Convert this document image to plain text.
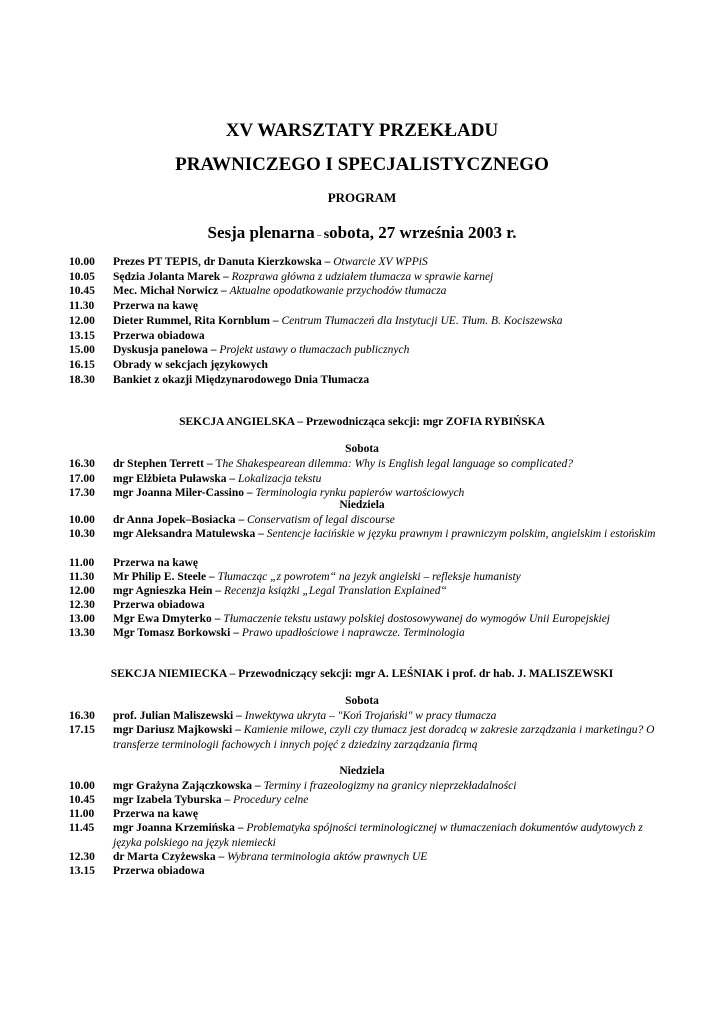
XV WARSZTATY PRZEKŁADU
PRAWNICZEGO I SPECJALISTYCZNEGO
PROGRAM
Sesja plenarna – sobota, 27 września 2003 r.
10.00 Prezes PT TEPIS, dr Danuta Kierzkowska – Otwarcie XV WPPiS
10.05 Sędzia Jolanta Marek – Rozprawa główna z udziałem tłumacza w sprawie karnej
10.45 Mec. Michał Norwicz – Aktualne opodatkowanie przychodów tłumacza
11.30 Przerwa na kawę
12.00 Dieter Rummel, Rita Kornblum – Centrum Tłumaczeń dla Instytucji UE. Tłum. B. Kociszewska
13.15 Przerwa obiadowa
15.00 Dyskusja panelowa – Projekt ustawy o tłumaczach publicznych
16.15 Obrady w sekcjach językowych
18.30 Bankiet z okazji Międzynarodowego Dnia Tłumacza
SEKCJA ANGIELSKA – Przewodnicząca sekcji: mgr ZOFIA RYBIŃSKA
Sobota
16.30 dr Stephen Terrett – The Shakespearean dilemma: Why is English legal language so complicated?
17.00 mgr Elżbieta Puławska – Lokalizacja tekstu
17.30 mgr Joanna Miler-Cassino – Terminologia rynku papierów wartościowych
Niedziela
10.00 dr Anna Jopek–Bosiacka – Conservatism of legal discourse
10.30 mgr Aleksandra Matulewska – Sentencje łacińskie w języku prawnym i prawniczym polskim, angielskim i estońskim
11.00 Przerwa na kawę
11.30 Mr Philip E. Steele – Tłumacząc „z powrotem“ na jezyk angielski – refleksje humanisty
12.00 mgr Agnieszka Hein – Recenzja książki „Legal Translation Explained“
12.30 Przerwa obiadowa
13.00 Mgr Ewa Dmyterko – Tłumaczenie tekstu ustawy polskiej dostosowywanej do wymogów Unii Europejskiej
13.30 Mgr Tomasz Borkowski – Prawo upadłościowe i naprawcze. Terminologia
SEKCJA NIEMIECKA – Przewodniczący sekcji: mgr A. LEŚNIAK i prof. dr hab. J. MALISZEWSKI
Sobota
16.30 prof. Julian Maliszewski – Inwektywa ukryta – "Koń Trojański" w pracy tłumacza
17.15 mgr Dariusz Majkowski – Kamienie milowe, czyli czy tłumacz jest doradcą w zakresie zarządzania i marketingu? O transferze terminologii fachowych i innych pojęć z dziedziny zarządzania firmą
Niedziela
10.00 mgr Grażyna Zajączkowska – Terminy i frazeologizmy na granicy nieprzekładalności
10.45 mgr Izabela Tyburska – Procedury celne
11.00 Przerwa na kawę
11.45 mgr Joanna Krzemińska – Problematyka spójności terminologicznej w tłumaczeniach dokumentów audytowych z języka polskiego na język niemiecki
12.30 dr Marta Czyżewska – Wybrana terminologia aktów prawnych UE
13.15 Przerwa obiadowa
